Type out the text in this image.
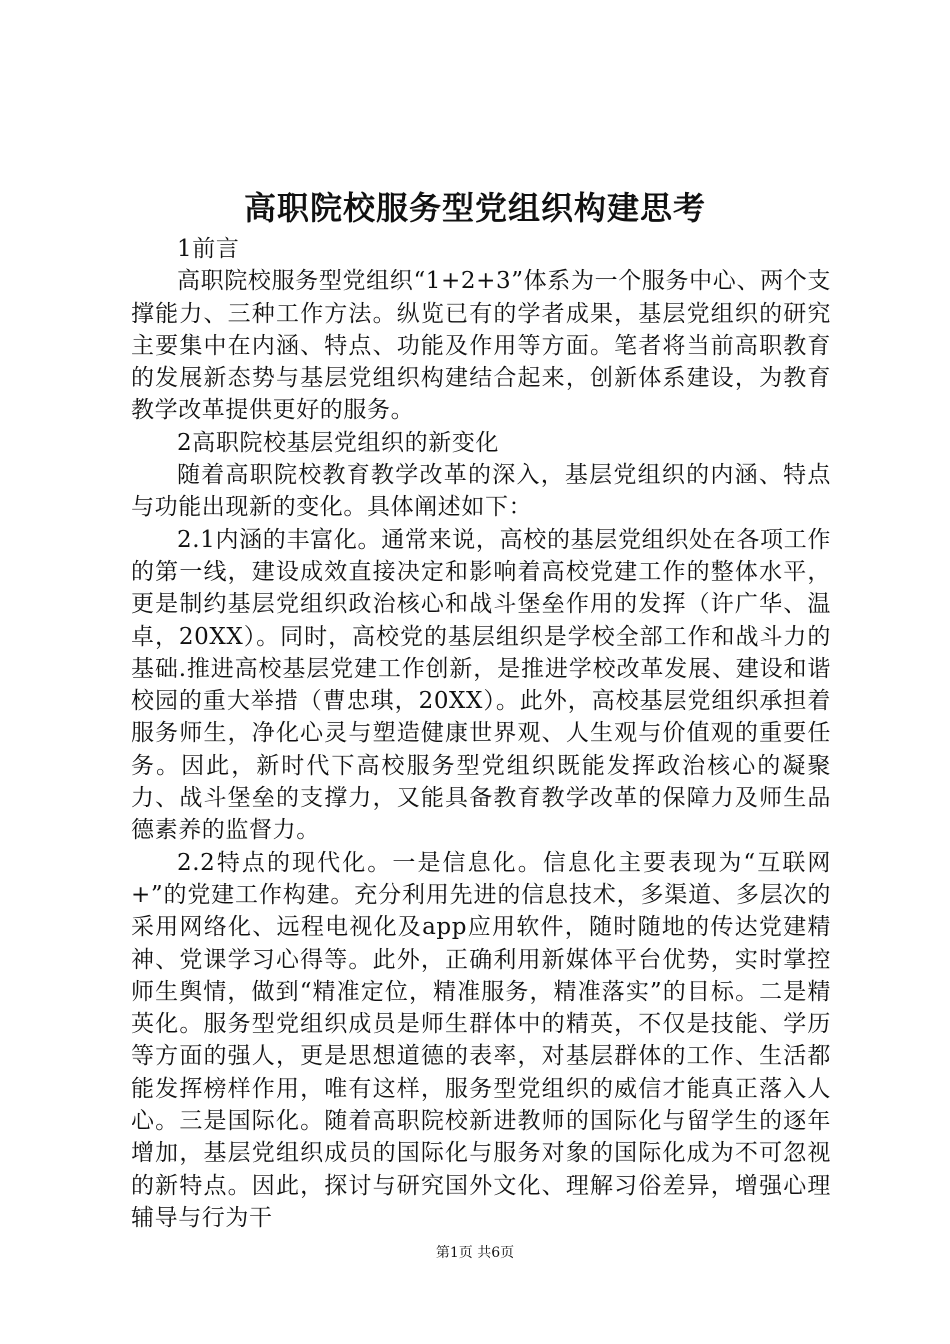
高职院校服务型党组织构建思考

1前言

高职院校服务型党组织“1+2+3”体系为一个服务中心、两个支撑能力、三种工作方法。纵览已有的学者成果，基层党组织的研究主要集中在内涵、特点、功能及作用等方面。笔者将当前高职教育的发展新态势与基层党组织构建结合起来，创新体系建设，为教育教学改革提供更好的服务。

2高职院校基层党组织的新变化

随着高职院校教育教学改革的深入，基层党组织的内涵、特点与功能出现新的变化。具体阐述如下：

2.1内涵的丰富化。通常来说，高校的基层党组织处在各项工作的第一线，建设成效直接决定和影响着高校党建工作的整体水平，更是制约基层党组织政治核心和战斗堡垒作用的发挥（许广华、温卓，20XX）。同时，高校党的基层组织是学校全部工作和战斗力的基础.推进高校基层党建工作创新，是推进学校改革发展、建设和谐校园的重大举措（曹忠琪，20XX）。此外，高校基层党组织承担着服务师生，净化心灵与塑造健康世界观、人生观与价值观的重要任务。因此，新时代下高校服务型党组织既能发挥政治核心的凝聚力、战斗堡垒的支撑力，又能具备教育教学改革的保障力及师生品德素养的监督力。

2.2特点的现代化。一是信息化。信息化主要表现为“互联网+”的党建工作构建。充分利用先进的信息技术，多渠道、多层次的采用网络化、远程电视化及app应用软件，随时随地的传达党建精神、党课学习心得等。此外，正确利用新媒体平台优势，实时掌控师生舆情，做到“精准定位，精准服务，精准落实”的目标。二是精英化。服务型党组织成员是师生群体中的精英，不仅是技能、学历等方面的强人，更是思想道德的表率，对基层群体的工作、生活都能发挥榜样作用，唯有这样，服务型党组织的威信才能真正落入人心。三是国际化。随着高职院校新进教师的国际化与留学生的逐年增加，基层党组织成员的国际化与服务对象的国际化成为不可忽视的新特点。因此，探讨与研究国外文化、理解习俗差异，增强心理辅导与行为干

第1页 共6页
